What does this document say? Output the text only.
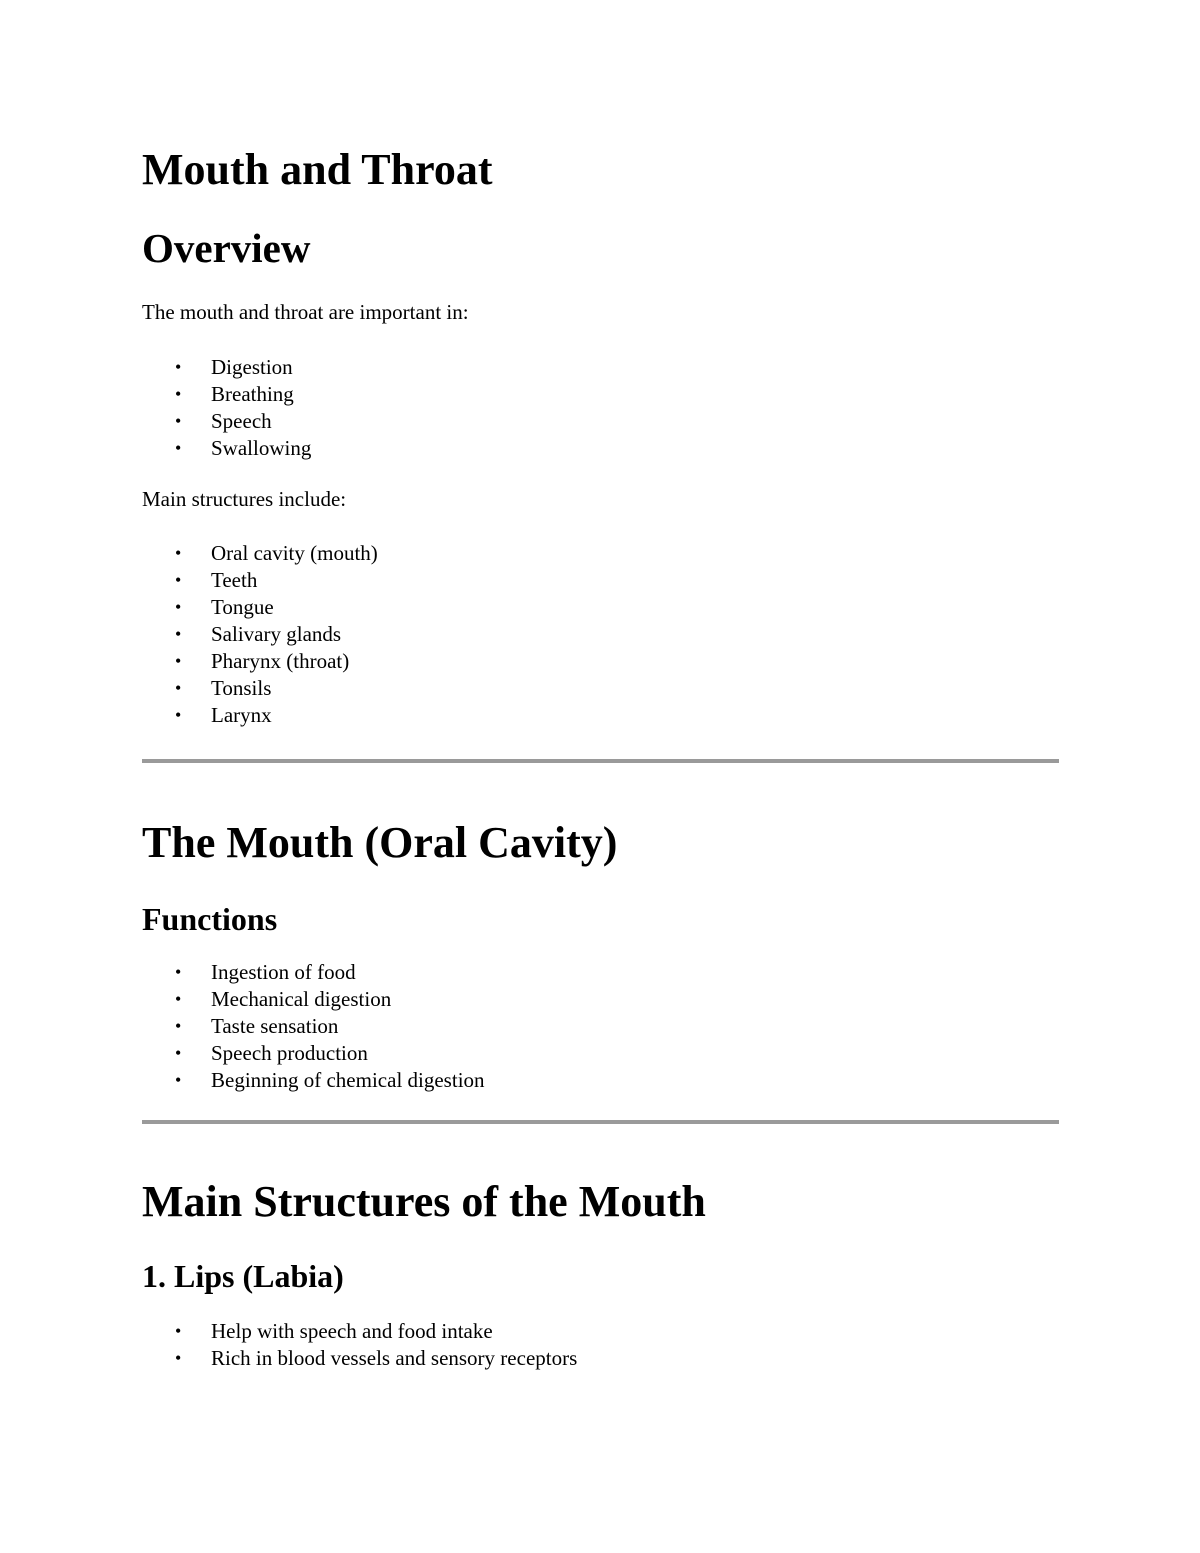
Mouth and Throat
Overview

The mouth and throat are important in:

• Digestion
• Breathing
• Speech
• Swallowing

Main structures include:

• Oral cavity (mouth)
• Teeth
• Tongue
• Salivary glands
• Pharynx (throat)
• Tonsils
• Larynx
The Mouth (Oral Cavity)
Functions
• Ingestion of food
• Mechanical digestion
• Taste sensation
• Speech production
• Beginning of chemical digestion
Main Structures of the Mouth
1. Lips (Labia)
• Help with speech and food intake
• Rich in blood vessels and sensory receptors
